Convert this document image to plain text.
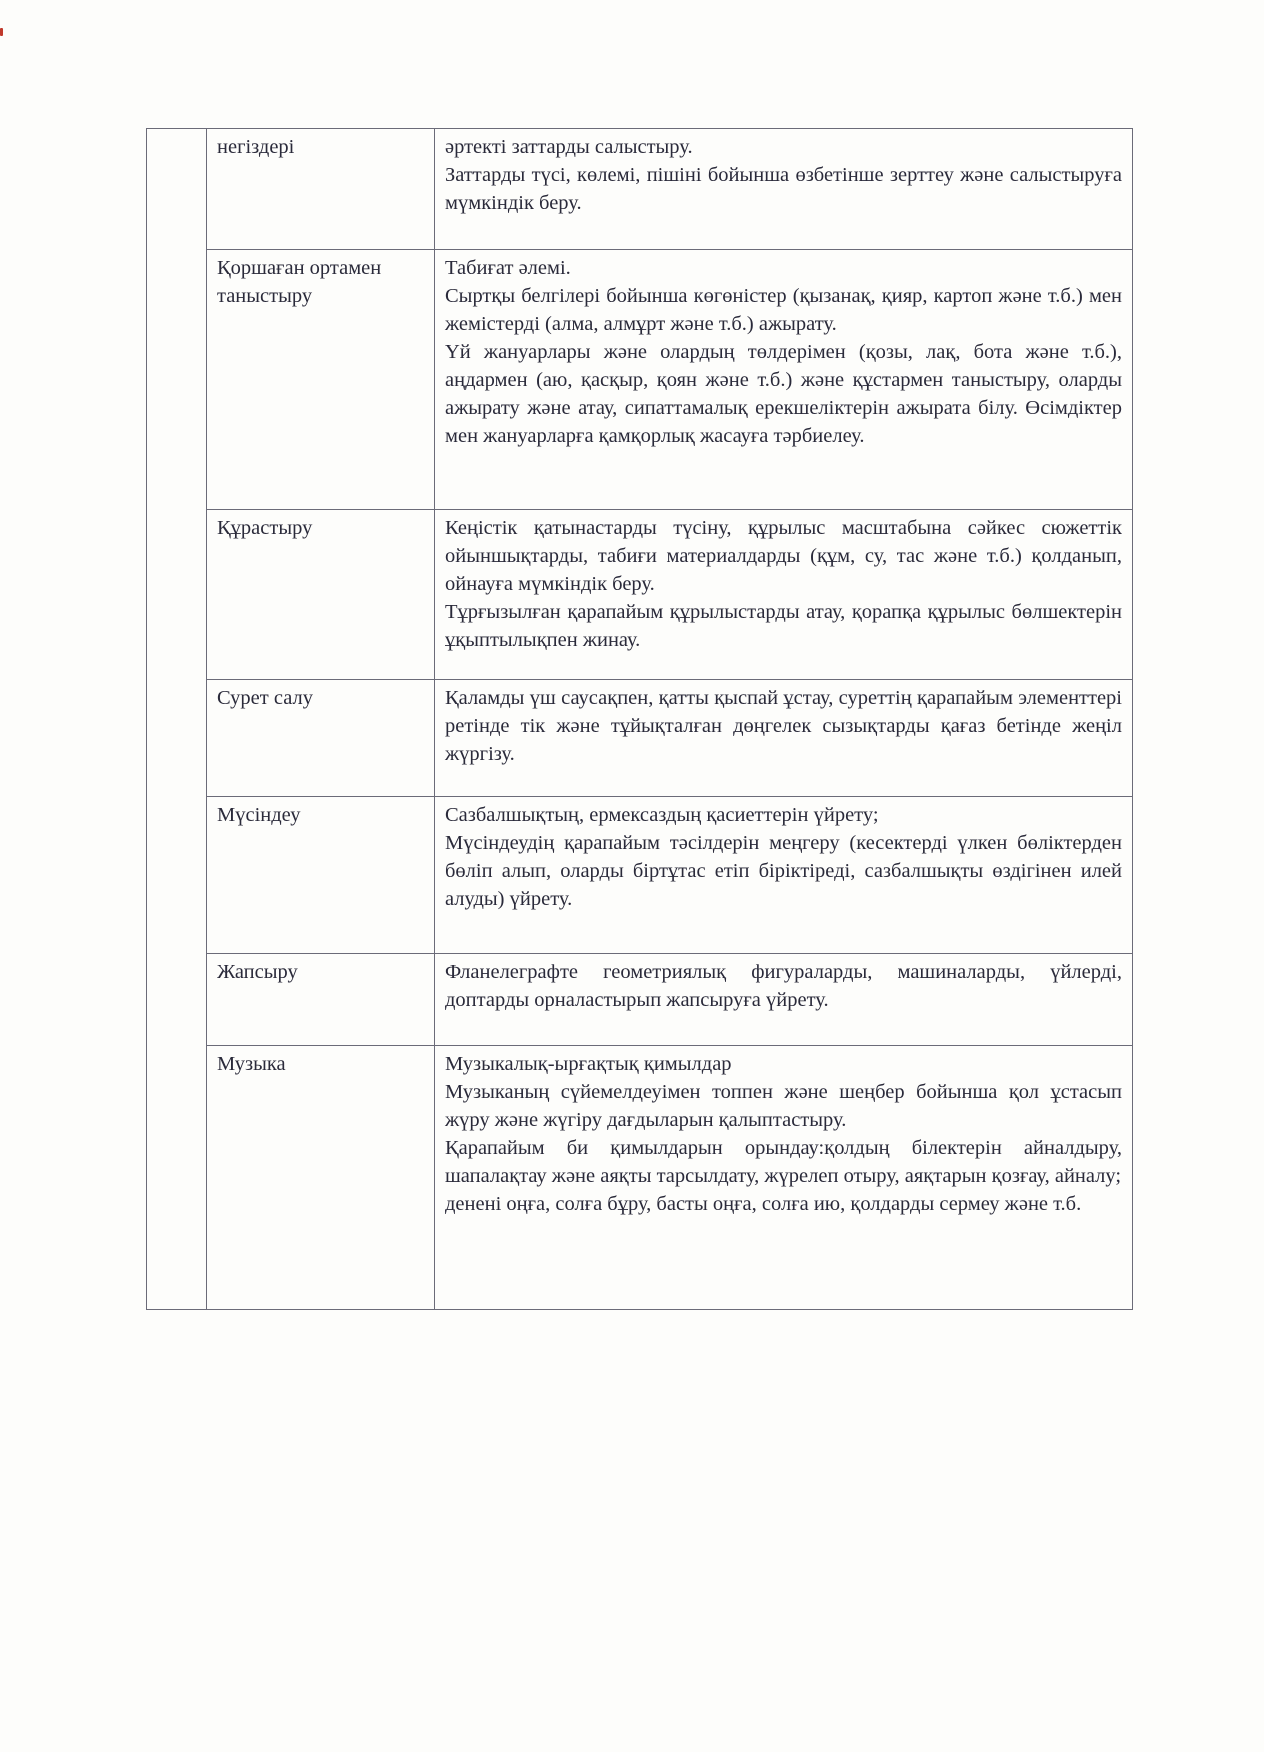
	негіздері	әртекті заттарды салыстыру.

Заттарды түсі, көлемі, пішіні бойынша өзбетінше зерттеу және салыстыруға мүмкіндік беру.

	Қоршаған ортамен таныстыру	Табиғат әлемі.

Сыртқы белгілері бойынша көгөністер (қызанақ, қияр, картоп және т.б.) мен жемістерді (алма, алмұрт және т.б.) ажырату.

Үй жануарлары және олардың төлдерімен (қозы, лақ, бота және т.б.), аңдармен (аю, қасқыр, қоян және т.б.) және құстармен таныстыру, оларды ажырату және атау, сипаттамалық ерекшеліктерін ажырата білу. Өсімдіктер мен жануарларға қамқорлық жасауға тәрбиелеу.

	Құрастыру	Кеңістік қатынастарды түсіну, құрылыс масштабына сәйкес сюжеттік ойыншықтарды, табиғи материалдарды (құм, су, тас және т.б.) қолданып, ойнауға мүмкіндік беру.

Тұрғызылған қарапайым құрылыстарды атау, қорапқа құрылыс бөлшектерін ұқыптылықпен жинау.

	Сурет салу	Қаламды үш саусақпен, қатты қыспай ұстау, суреттің қарапайым элементтері ретінде тік және тұйықталған дөңгелек сызықтарды қағаз бетінде жеңіл жүргізу.

	Мүсіндеу	Сазбалшықтың, ермексаздың қасиеттерін үйрету;

Мүсіндеудің қарапайым тәсілдерін меңгеру (кесектерді үлкен бөліктерден бөліп алып, оларды біртұтас етіп біріктіреді, сазбалшықты өздігінен илей алуды) үйрету.

	Жапсыру	Фланелеграфте геометриялық фигураларды, машиналарды, үйлерді, доптарды орналастырып жапсыруға үйрету.

	Музыка	Музыкалық-ырғақтық қимылдар

Музыканың сүйемелдеуімен топпен және шеңбер бойынша қол ұстасып жүру және жүгіру дағдыларын қалыптастыру.

Қарапайым би қимылдарын орындау:қолдың білектерін айналдыру, шапалақтау және аяқты тарсылдату, жүрелеп отыру, аяқтарын қозғау, айналу;

денені оңға, солға бұру, басты оңға, солға ию, қолдарды сермеу және т.б.
